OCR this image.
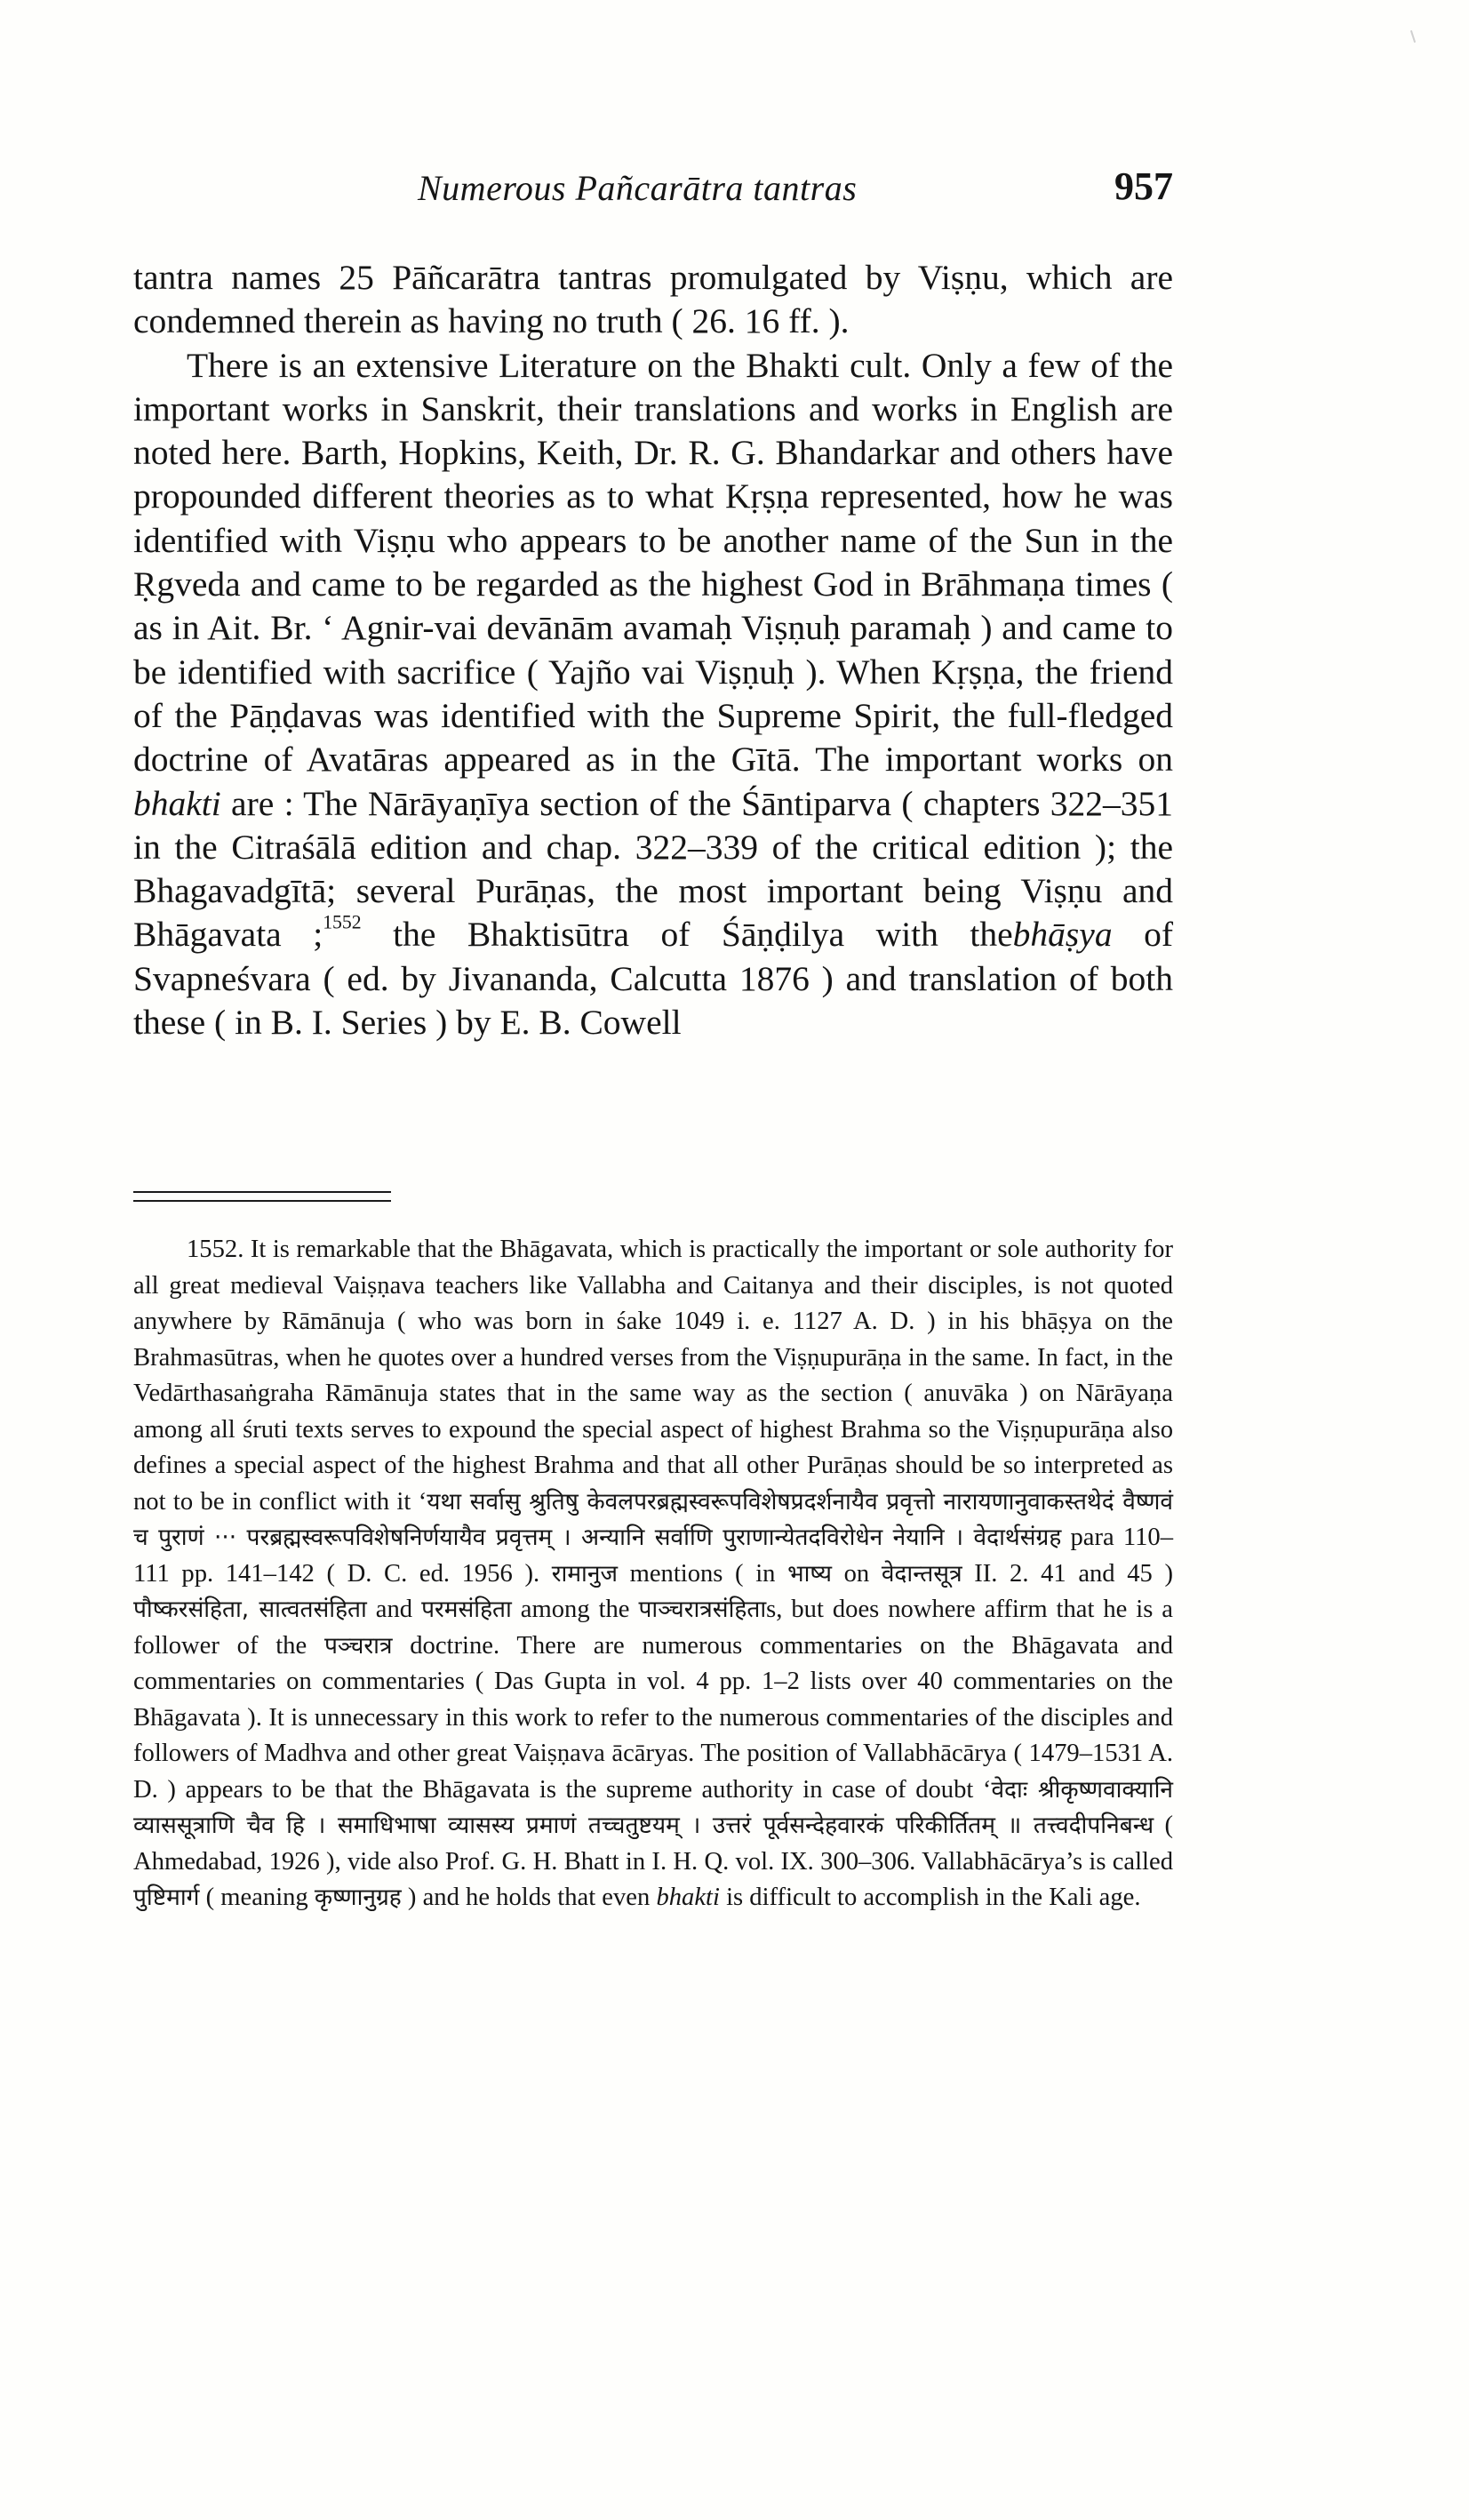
Numerous Pañcarātra tantras	957

tantra names 25 Pāñcarātra tantras promulgated by Viṣṇu, which are condemned therein as having no truth ( 26. 16 ff. ).

There is an extensive Literature on the Bhakti cult. Only a few of the important works in Sanskrit, their translations and works in English are noted here. Barth, Hopkins, Keith, Dr. R. G. Bhandarkar and others have propounded different theories as to what Kṛṣṇa represented, how he was identified with Viṣṇu who appears to be another name of the Sun in the Ṛgveda and came to be regarded as the highest God in Brāhmaṇa times ( as in Ait. Br. ‘ Agnir-vai devānām avamaḥ Viṣṇuḥ paramaḥ ) and came to be identified with sacrifice ( Yajño vai Viṣṇuḥ ). When Kṛṣṇa, the friend of the Pāṇḍavas was identified with the Supreme Spirit, the full-fledged doctrine of Avatāras appeared as in the Gītā. The important works on bhakti are : The Nārāyaṇīya section of the Śāntiparva ( chapters 322–351 in the Citraśālā edition and chap. 322–339 of the critical edition ); the Bhagavadgītā; several Purāṇas, the most important being Viṣṇu and Bhāgavata ;$^{1552}$ the Bhaktisūtra of Śāṇḍilya with thebhāṣya of Svapneśvara ( ed. by Jivananda, Calcutta 1876 ) and translation of both these ( in B. I. Series ) by E. B. Cowell

1552. It is remarkable that the Bhāgavata, which is practically the important or sole authority for all great medieval Vaiṣṇava teachers like Vallabha and Caitanya and their disciples, is not quoted anywhere by Rāmānuja ( who was born in śake 1049 i. e. 1127 A. D. ) in his bhāṣya on the Brahmasūtras, when he quotes over a hundred verses from the Viṣṇupurāṇa in the same. In fact, in the Vedārthasaṅgraha Rāmānuja states that in the same way as the section ( anuvāka ) on Nārāyaṇa among all śruti texts serves to expound the special aspect of highest Brahma so the Viṣṇupurāṇa also defines a special aspect of the highest Brahma and that all other Purāṇas should be so interpreted as not to be in conflict with it ‘यथा सर्वासु श्रुतिषु केवलपरब्रह्मस्वरूपविशेषप्रदर्शनायैव प्रवृत्तो नारायणानुवाकस्तथेदं वैष्णवं च पुराणं ··· परब्रह्मस्वरूपविशेषनिर्णयायैव प्रवृत्तम् । अन्यानि सर्वाणि पुराणान्येतदविरोधेन नेयानि । वेदार्थसंग्रह para 110–111 pp. 141–142 ( D. C. ed. 1956 ). रामानुज mentions ( in भाष्य on वेदान्तसूत्र II. 2. 41 and 45 ) पौष्करसंहिता, सात्वतसंहिता and परमसंहिता among the पाञ्चरात्रसंहिताs, but does nowhere affirm that he is a follower of the पञ्चरात्र doctrine. There are numerous commentaries on the Bhāgavata and commentaries on commentaries ( Das Gupta in vol. 4 pp. 1–2 lists over 40 commentaries on the Bhāgavata ). It is unnecessary in this work to refer to the numerous commentaries of the disciples and followers of Madhva and other great Vaiṣṇava ācāryas. The position of Vallabhācārya ( 1479–1531 A. D. ) appears to be that the Bhāgavata is the supreme authority in case of doubt ‘वेदाः श्रीकृष्णवाक्यानि व्याससूत्राणि चैव हि । समाधिभाषा व्यासस्य प्रमाणं तच्चतुष्टयम् । उत्तरं पूर्वसन्देहवारकं परिकीर्तितम् ॥ तत्त्वदीपनिबन्ध ( Ahmedabad, 1926 ), vide also Prof. G. H. Bhatt in I. H. Q. vol. IX. 300–306. Vallabhācārya’s is called पुष्टिमार्ग ( meaning कृष्णानुग्रह ) and he holds that even bhakti is difficult to accomplish in the Kali age.
